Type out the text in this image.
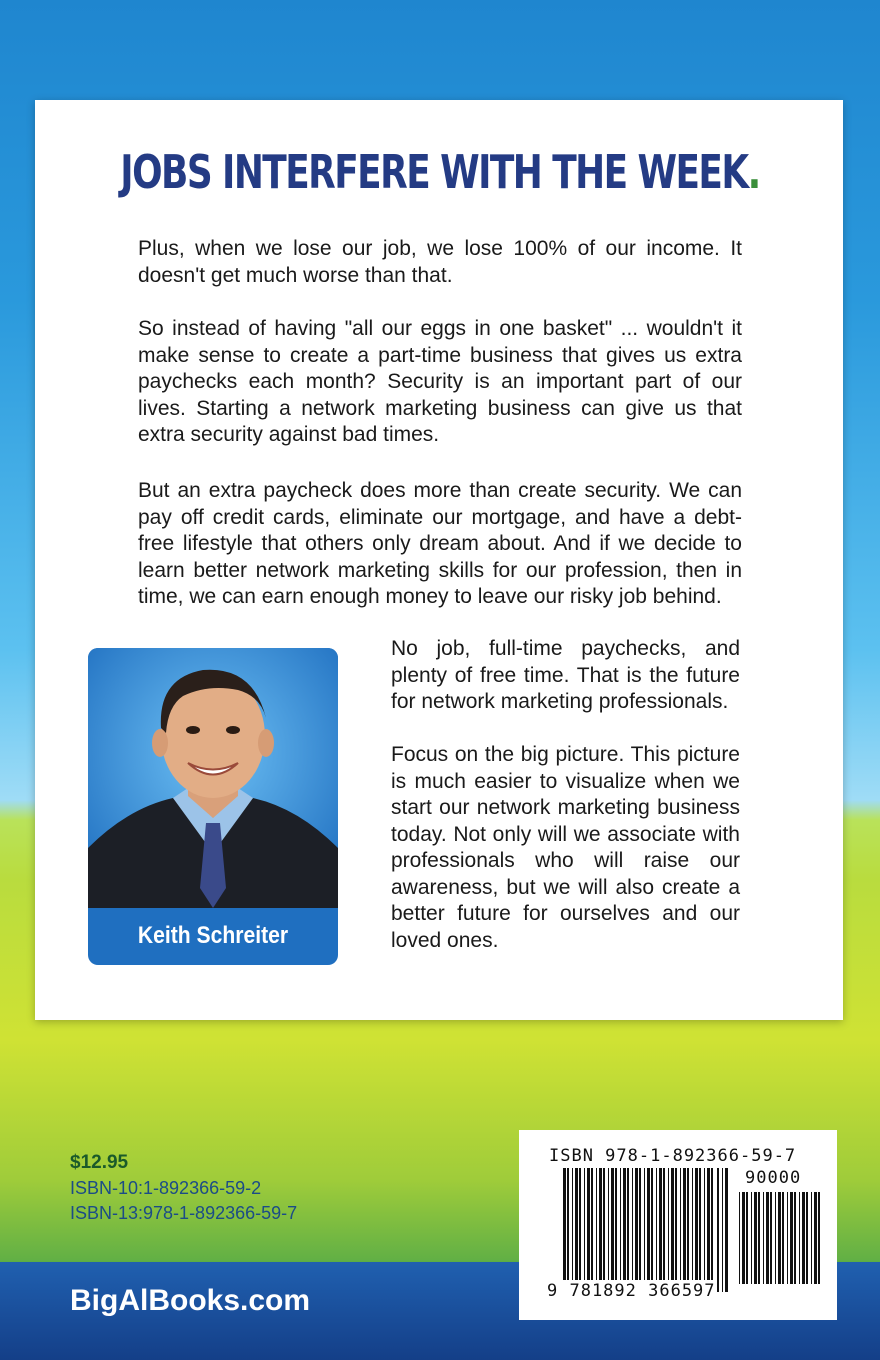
JOBS INTERFERE WITH THE WEEK.

Plus, when we lose our job, we lose 100% of our income. It doesn't get much worse than that.

So instead of having "all our eggs in one basket" ... wouldn't it make sense to create a part-time business that gives us extra paychecks each month? Security is an important part of our lives. Starting a network marketing business can give us that extra security against bad times.

But an extra paycheck does more than create security. We can pay off credit cards, eliminate our mortgage, and have a debt-free lifestyle that others only dream about. And if we decide to learn better network marketing skills for our profession, then in time, we can earn enough money to leave our risky job behind.

Keith Schreiter

No job, full-time paychecks, and plenty of free time. That is the future for network marketing professionals.

Focus on the big picture. This picture is much easier to visualize when we start our network marketing business today. Not only will we associate with professionals who will raise our awareness, but we will also create a better future for ourselves and our loved ones.

$12.95

ISBN-10:1-892366-59-2

ISBN-13:978-1-892366-59-7

BigAlBooks.com

ISBN 978-1-892366-59-7

90000

9 781892 366597
